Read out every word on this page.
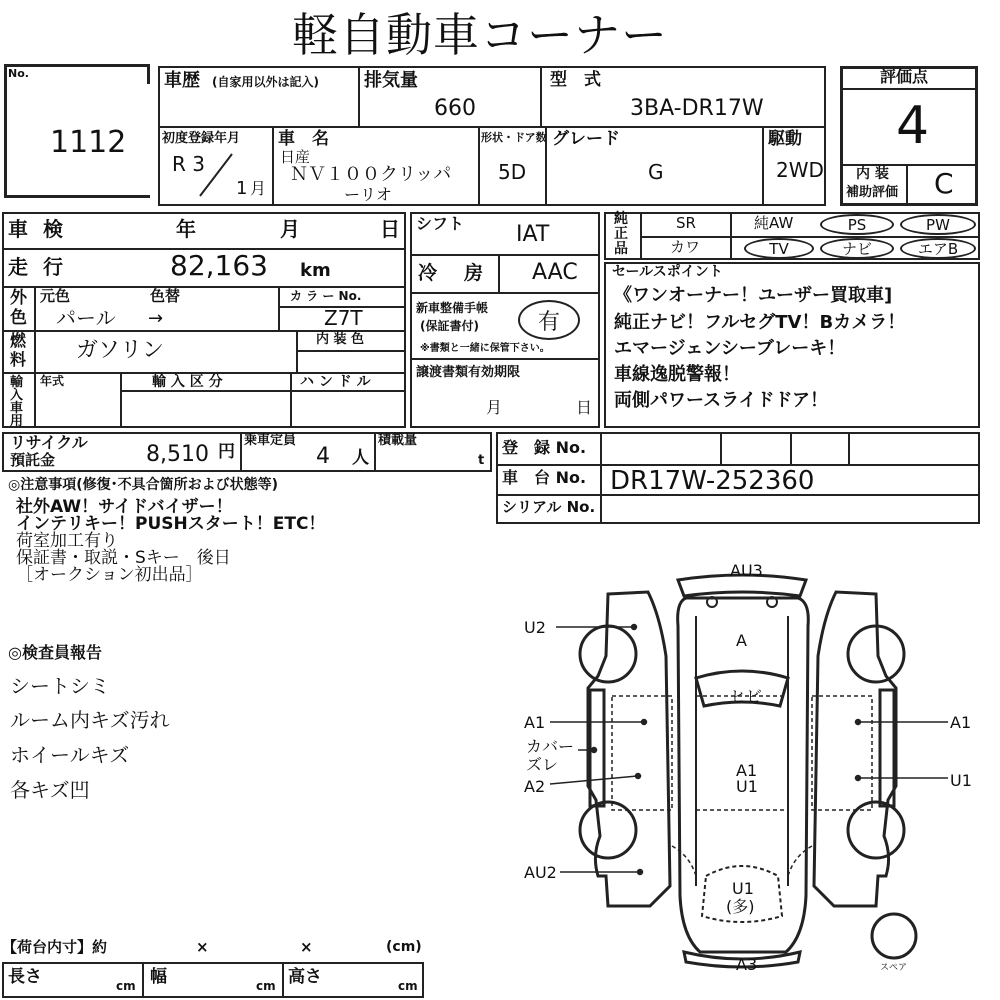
軽自動車コーナー
No.
1112
車歴 (自家用以外は記入)	排気量
660
型　式
3BA-DR17W
初度登録年月
R 3
1 月
車　名
日産
ＮＶ１００クリッパ
ーリオ
形状・ドア数
5D
グレード
G
駆動
2WD
評価点
4
内 装
補助評価 C
車 検	年	月	日
走 行	82,163 km
外
色
元色	色替
パール →
カ ラ ー No.
Z7T
燃
料 ガソリン	内 装 色
輸入車用
年式	輸 入 区 分	ハ ン ド ル
シフト IAT
冷　房 AAC
新車整備手帳
(保証書付)	有
※書類と一緒に保管下さい。
譲渡書類有効期限
月	日
純
正
品
SR	純AW	PS	PW
カワ	TV	ナビ	エアB
セールスポイント
《ワンオーナー！ユーザー買取車]
純正ナビ！フルセグTV！Bカメラ！
エマージェンシーブレーキ！
車線逸脱警報！
両側パワースライドドア！
リサイクル
預託金	8,510 円
乗車定員
4 人
積載量
t
登　録 No.
車　台 No. DR17W-252360
シリアル No.
◎注意事項(修復･不具合箇所および状態等)
社外AW！サイドバイザー！
インテリキー！PUSHスタート！ETC！
荷室加工有り
保証書・取説・Sキー　後日
［オークション初出品］
◎検査員報告
シートシミ
ルーム内キズ汚れ
ホイールキズ
各キズ凹
AU3
U2
A
ヒビ
A1
カバー
ズレ
A2
A1
U1
A1
U1
AU2
U1
(多)
A3	スペア
【荷台内寸】約	×	×	(cm)
長さ	cm 幅	cm 高さ	cm
